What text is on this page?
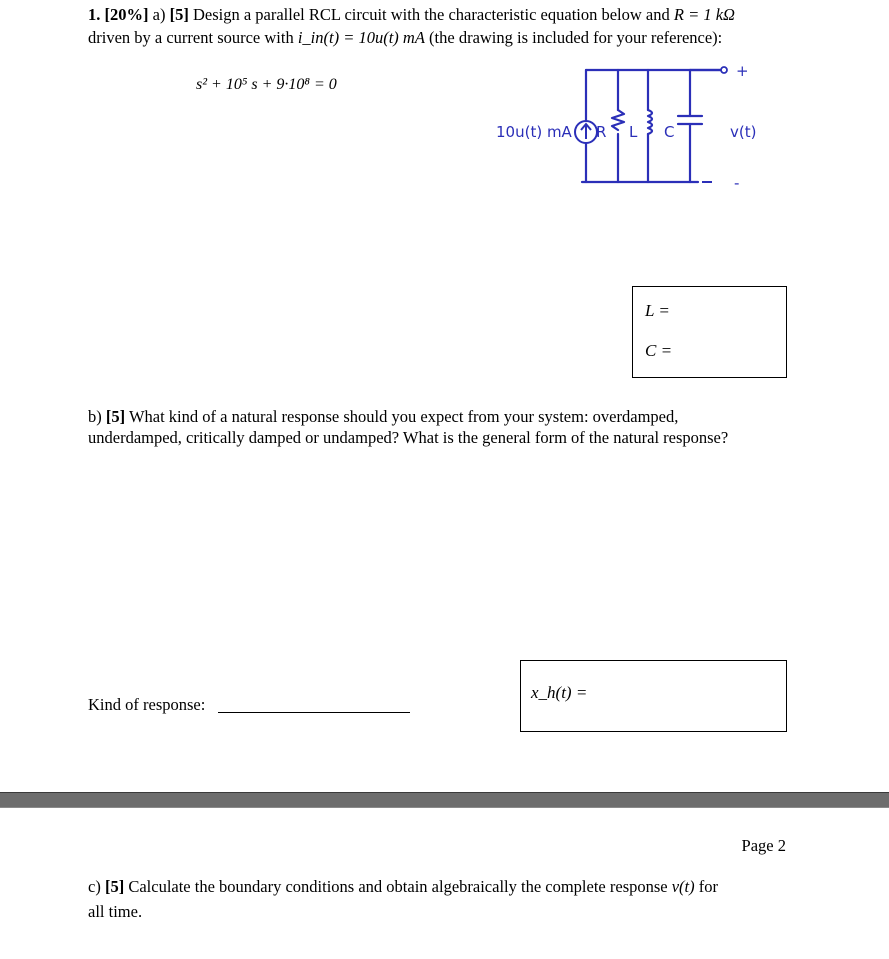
1. [20%] a) [5] Design a parallel RCL circuit with the characteristic equation below and R = 1 kΩ
driven by a current source with i_in(t) = 10u(t) mA (the drawing is included for your reference):
s² + 10⁵ s + 9·10⁸ = 0
10u(t) mA R L C	v(t)
+
-
L =
C =
b) [5] What kind of a natural response should you expect from your system: overdamped,
underdamped, critically damped or undamped? What is the general form of the natural response?
Kind of response:
x_h(t) =
Page 2
c) [5] Calculate the boundary conditions and obtain algebraically the complete response v(t) for
all time.
